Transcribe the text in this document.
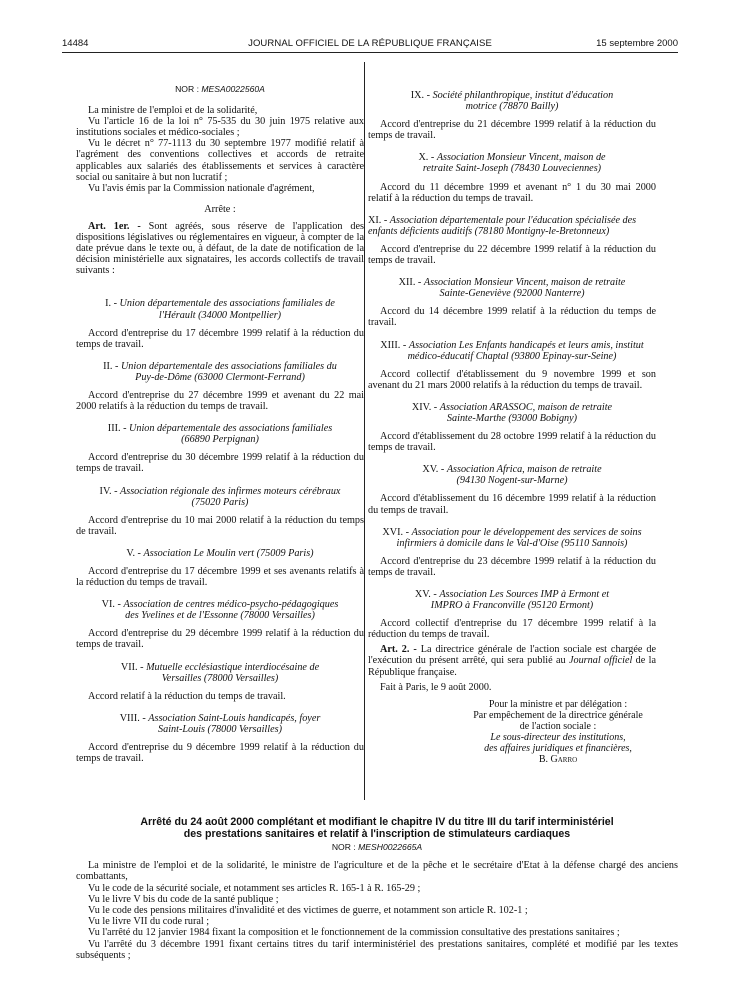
14484	JOURNAL OFFICIEL DE LA RÉPUBLIQUE FRANÇAISE	15 septembre 2000
NOR : MESA0022560A

La ministre de l'emploi et de la solidarité,

Vu l'article 16 de la loi n° 75-535 du 30 juin 1975 relative aux institutions sociales et médico-sociales ;

Vu le décret n° 77-1113 du 30 septembre 1977 modifié relatif à l'agrément des conventions collectives et accords de retraite applicables aux salariés des établissements et services à caractère social ou sanitaire à but non lucratif ;

Vu l'avis émis par la Commission nationale d'agrément,

Arrête :

Art. 1er. - Sont agréés, sous réserve de l'application des dispositions législatives ou réglementaires en vigueur, à compter de la date prévue dans le texte ou, à défaut, de la date de notification de la décision ministérielle aux signataires, les accords collectifs de travail suivants :

I. - Union départementale des associations familiales de l'Hérault (34000 Montpellier)

Accord d'entreprise du 17 décembre 1999 relatif à la réduction du temps de travail.

II. - Union départementale des associations familiales du Puy-de-Dôme (63000 Clermont-Ferrand)

Accord d'entreprise du 27 décembre 1999 et avenant du 22 mai 2000 relatifs à la réduction du temps de travail.

III. - Union départementale des associations familiales (66890 Perpignan)

Accord d'entreprise du 30 décembre 1999 relatif à la réduction du temps de travail.

IV. - Association régionale des infirmes moteurs cérébraux (75020 Paris)

Accord d'entreprise du 10 mai 2000 relatif à la réduction du temps de travail.

V. - Association Le Moulin vert (75009 Paris)

Accord d'entreprise du 17 décembre 1999 et ses avenants relatifs à la réduction du temps de travail.

VI. - Association de centres médico-psycho-pédagogiques des Yvelines et de l'Essonne (78000 Versailles)

Accord d'entreprise du 29 décembre 1999 relatif à la réduction du temps de travail.

VII. - Mutuelle ecclésiastique interdiocésaine de Versailles (78000 Versailles)

Accord relatif à la réduction du temps de travail.

VIII. - Association Saint-Louis handicapés, foyer Saint-Louis (78000 Versailles)

Accord d'entreprise du 9 décembre 1999 relatif à la réduction du temps de travail.

IX. - Société philanthropique, institut d'éducation motrice (78870 Bailly)

Accord d'entreprise du 21 décembre 1999 relatif à la réduction du temps de travail.

X. - Association Monsieur Vincent, maison de retraite Saint-Joseph (78430 Louveciennes)

Accord du 11 décembre 1999 et avenant n° 1 du 30 mai 2000 relatif à la réduction du temps de travail.

XI. - Association départementale pour l'éducation spécialisée des enfants déficients auditifs (78180 Montigny-le-Bretonneux)

Accord d'entreprise du 22 décembre 1999 relatif à la réduction du temps de travail.

XII. - Association Monsieur Vincent, maison de retraite Sainte-Geneviève (92000 Nanterre)

Accord du 14 décembre 1999 relatif à la réduction du temps de travail.

XIII. - Association Les Enfants handicapés et leurs amis, institut médico-éducatif Chaptal (93800 Epinay-sur-Seine)

Accord collectif d'établissement du 9 novembre 1999 et son avenant du 21 mars 2000 relatifs à la réduction du temps de travail.

XIV. - Association ARASSOC, maison de retraite Sainte-Marthe (93000 Bobigny)

Accord d'établissement du 28 octobre 1999 relatif à la réduction du temps de travail.

XV. - Association Africa, maison de retraite (94130 Nogent-sur-Marne)

Accord d'établissement du 16 décembre 1999 relatif à la réduction du temps de travail.

XVI. - Association pour le développement des services de soins infirmiers à domicile dans le Val-d'Oise (95110 Sannois)

Accord d'entreprise du 23 décembre 1999 relatif à la réduction du temps de travail.

XV. - Association Les Sources IMP à Ermont et IMPRO à Franconville (95120 Ermont)

Accord collectif d'entreprise du 17 décembre 1999 relatif à la réduction du temps de travail.

Art. 2. - La directrice générale de l'action sociale est chargée de l'exécution du présent arrêté, qui sera publié au Journal officiel de la République française.

Fait à Paris, le 9 août 2000.

Pour la ministre et par délégation :
Par empêchement de la directrice générale
de l'action sociale :
Le sous-directeur des institutions,
des affaires juridiques et financières,
B. Garro
Arrêté du 24 août 2000 complétant et modifiant le chapitre IV du titre III du tarif interministériel
des prestations sanitaires et relatif à l'inscription de stimulateurs cardiaques
NOR : MESH0022665A

La ministre de l'emploi et de la solidarité, le ministre de l'agriculture et de la pêche et le secrétaire d'Etat à la défense chargé des anciens combattants,

Vu le code de la sécurité sociale, et notamment ses articles R. 165-1 à R. 165-29 ;

Vu le livre V bis du code de la santé publique ;

Vu le code des pensions militaires d'invalidité et des victimes de guerre, et notamment son article R. 102-1 ;

Vu le livre VII du code rural ;

Vu l'arrêté du 12 janvier 1984 fixant la composition et le fonctionnement de la commission consultative des prestations sanitaires ;

Vu l'arrêté du 3 décembre 1991 fixant certains titres du tarif interministériel des prestations sanitaires, complété et modifié par les textes subséquents ;
